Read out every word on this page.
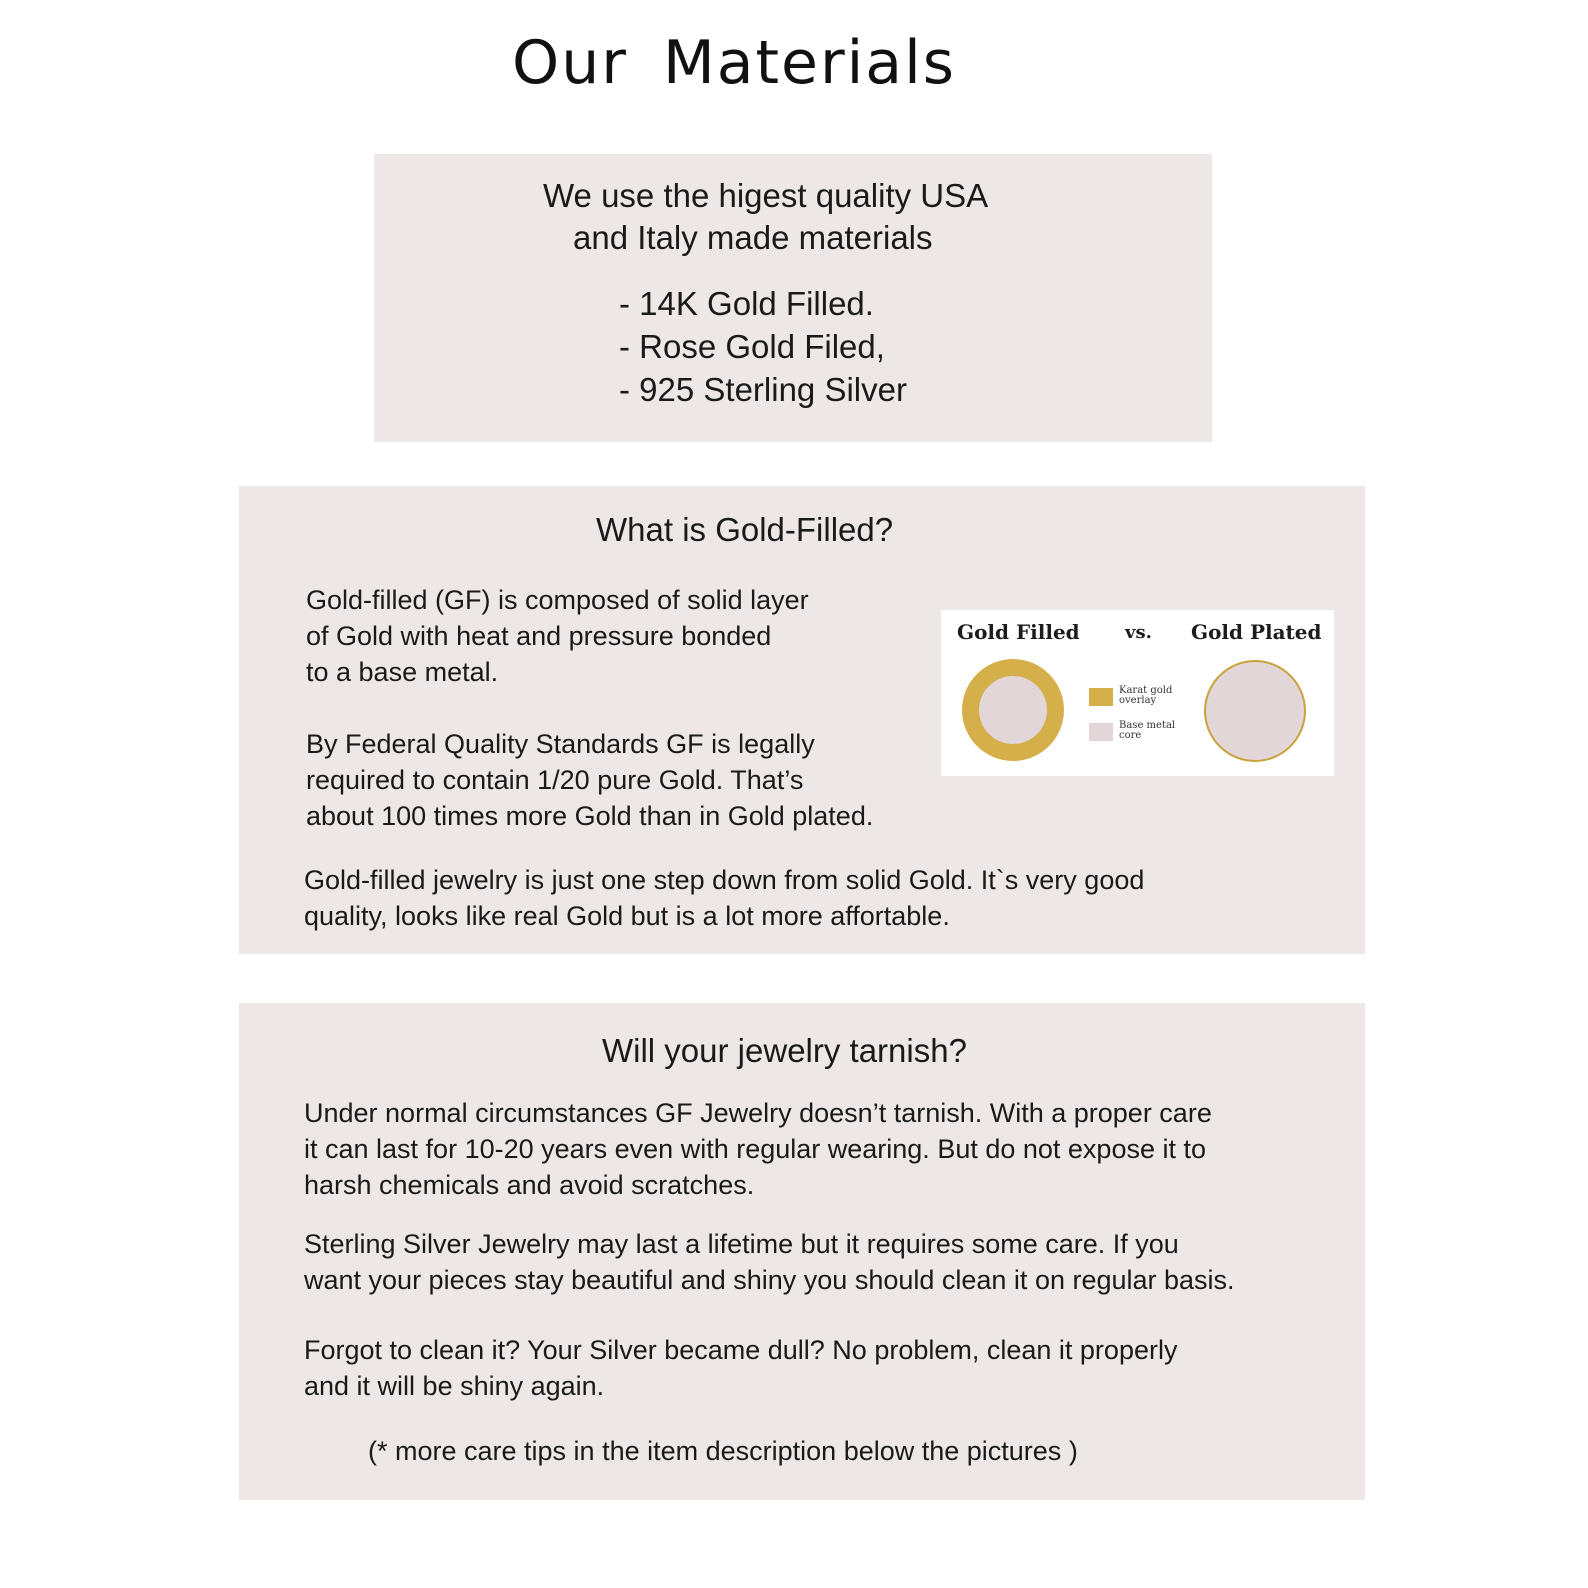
Our Materials

We use the higest quality USA

and Italy made materials

- 14K Gold Filled.
- Rose Gold Filed,
- 925 Sterling Silver

What is Gold-Filled?

Gold-filled (GF) is composed of solid layer
of Gold with heat and pressure bonded
to a base metal.

By Federal Quality Standards GF is legally
required to contain 1/20 pure Gold. That’s
about 100 times more Gold than in Gold plated.

Gold-filled jewelry is just one step down from solid Gold. It`s very good
quality, looks like real Gold but is a lot more affortable.

Gold Filled	vs. Gold Plated
Karat gold
overlay
Base metal
core

Will your jewelry tarnish?

Under normal circumstances GF Jewelry doesn’t tarnish. With a proper care
it can last for 10-20 years even with regular wearing. But do not expose it to
harsh chemicals and avoid scratches.

Sterling Silver Jewelry may last a lifetime but it requires some care. If you
want your pieces stay beautiful and shiny you should clean it on regular basis.

Forgot to clean it? Your Silver became dull? No problem, clean it properly
and it will be shiny again.

(* more care tips in the item description below the pictures )
